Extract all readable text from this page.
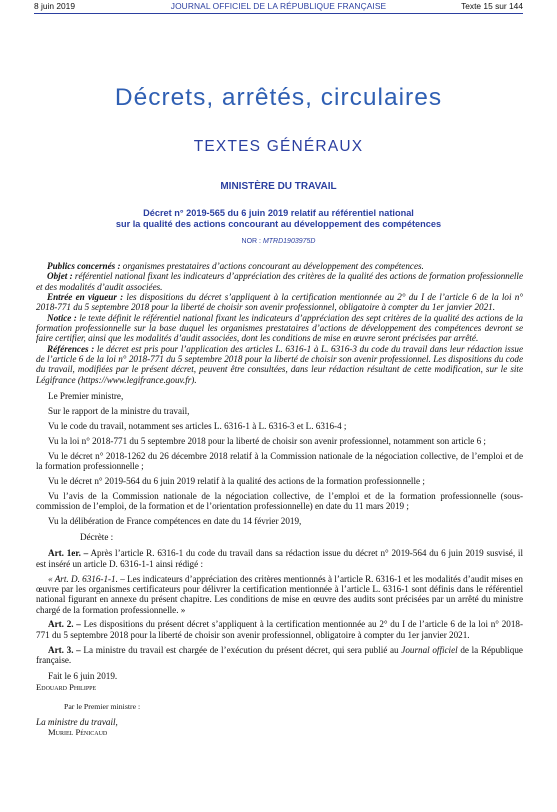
8 juin 2019	JOURNAL OFFICIEL DE LA RÉPUBLIQUE FRANÇAISE	Texte 15 sur 144
Décrets, arrêtés, circulaires
TEXTES GÉNÉRAUX
MINISTÈRE DU TRAVAIL
Décret n° 2019-565 du 6 juin 2019 relatif au référentiel national
sur la qualité des actions concourant au développement des compétences
NOR : MTRD1903975D

Publics concernés : organismes prestataires d’actions concourant au développement des compétences.

Objet : référentiel national fixant les indicateurs d’appréciation des critères de la qualité des actions de formation professionnelle et des modalités d’audit associées.

Entrée en vigueur : les dispositions du décret s’appliquent à la certification mentionnée au 2° du I de l’article 6 de la loi n° 2018-771 du 5 septembre 2018 pour la liberté de choisir son avenir professionnel, obligatoire à compter du 1er janvier 2021.

Notice : le texte définit le référentiel national fixant les indicateurs d’appréciation des sept critères de la qualité des actions de la formation professionnelle sur la base duquel les organismes prestataires d’actions de développement des compétences devront se faire certifier, ainsi que les modalités d’audit associées, dont les conditions de mise en œuvre seront précisées par arrêté.

Références : le décret est pris pour l’application des articles L. 6316-1 à L. 6316-3 du code du travail dans leur rédaction issue de l’article 6 de la loi n° 2018-771 du 5 septembre 2018 pour la liberté de choisir son avenir professionnel. Les dispositions du code du travail, modifiées par le présent décret, peuvent être consultées, dans leur rédaction résultant de cette modification, sur le site Légifrance (https://www.legifrance.gouv.fr).

Le Premier ministre,

Sur le rapport de la ministre du travail,

Vu le code du travail, notamment ses articles L. 6316-1 à L. 6316-3 et L. 6316-4 ;

Vu la loi n° 2018-771 du 5 septembre 2018 pour la liberté de choisir son avenir professionnel, notamment son article 6 ;

Vu le décret n° 2018-1262 du 26 décembre 2018 relatif à la Commission nationale de la négociation collective, de l’emploi et de la formation professionnelle ;

Vu le décret n° 2019-564 du 6 juin 2019 relatif à la qualité des actions de la formation professionnelle ;

Vu l’avis de la Commission nationale de la négociation collective, de l’emploi et de la formation professionnelle (sous-commission de l’emploi, de la formation et de l’orientation professionnelle) en date du 11 mars 2019 ;

Vu la délibération de France compétences en date du 14 février 2019,

Décrète :

Art. 1er. – Après l’article R. 6316-1 du code du travail dans sa rédaction issue du décret n° 2019-564 du 6 juin 2019 susvisé, il est inséré un article D. 6316-1-1 ainsi rédigé :

« Art. D. 6316-1-1. – Les indicateurs d’appréciation des critères mentionnés à l’article R. 6316-1 et les modalités d’audit mises en œuvre par les organismes certificateurs pour délivrer la certification mentionnée à l’article L. 6316-1 sont définis dans le référentiel national figurant en annexe du présent chapitre. Les conditions de mise en œuvre des audits sont précisées par un arrêté du ministre chargé de la formation professionnelle. »

Art. 2. – Les dispositions du présent décret s’appliquent à la certification mentionnée au 2° du I de l’article 6 de la loi n° 2018-771 du 5 septembre 2018 pour la liberté de choisir son avenir professionnel, obligatoire à compter du 1er janvier 2021.

Art. 3. – La ministre du travail est chargée de l’exécution du présent décret, qui sera publié au Journal officiel de la République française.

Fait le 6 juin 2019.

Edouard Philippe

Par le Premier ministre :

La ministre du travail,

Muriel Pénicaud
